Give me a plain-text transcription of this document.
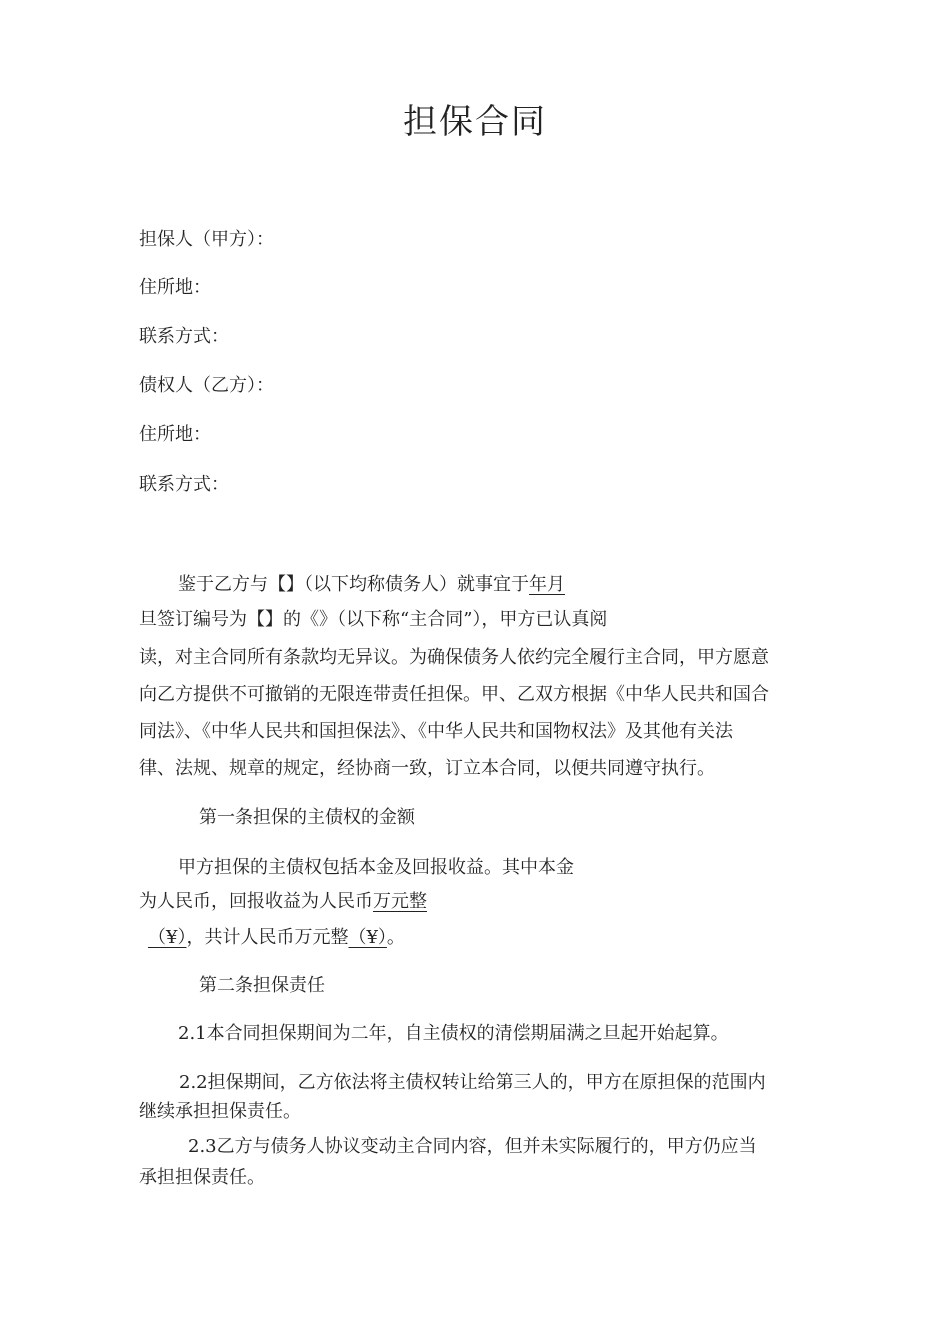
担保合同
担保人（甲方）：
住所地：
联系方式：
债权人（乙方）：
住所地：
联系方式：
鉴于乙方与【】（以下均称债务人）就事宜于年月
旦签订编号为【】的《》（以下称“主合同”），甲方已认真阅
读，对主合同所有条款均无异议。为确保债务人依约完全履行主合同，甲方愿意
向乙方提供不可撤销的无限连带责任担保。甲、乙双方根据《中华人民共和国合
同法》、《中华人民共和国担保法》、《中华人民共和国物权法》及其他有关法
律、法规、规章的规定，经协商一致，订立本合同，以便共同遵守执行。
第一条担保的主债权的金额
甲方担保的主债权包括本金及回报收益。其中本金
为人民币，回报收益为人民币万元整
（¥），共计人民币万元整（¥）。
第二条担保责任
2.1本合同担保期间为二年，自主债权的清偿期届满之旦起开始起算。
2.2担保期间，乙方依法将主债权转让给第三人的，甲方在原担保的范围内
继续承担担保责任。
2.3乙方与债务人协议变动主合同内容，但并未实际履行的，甲方仍应当
承担担保责任。
